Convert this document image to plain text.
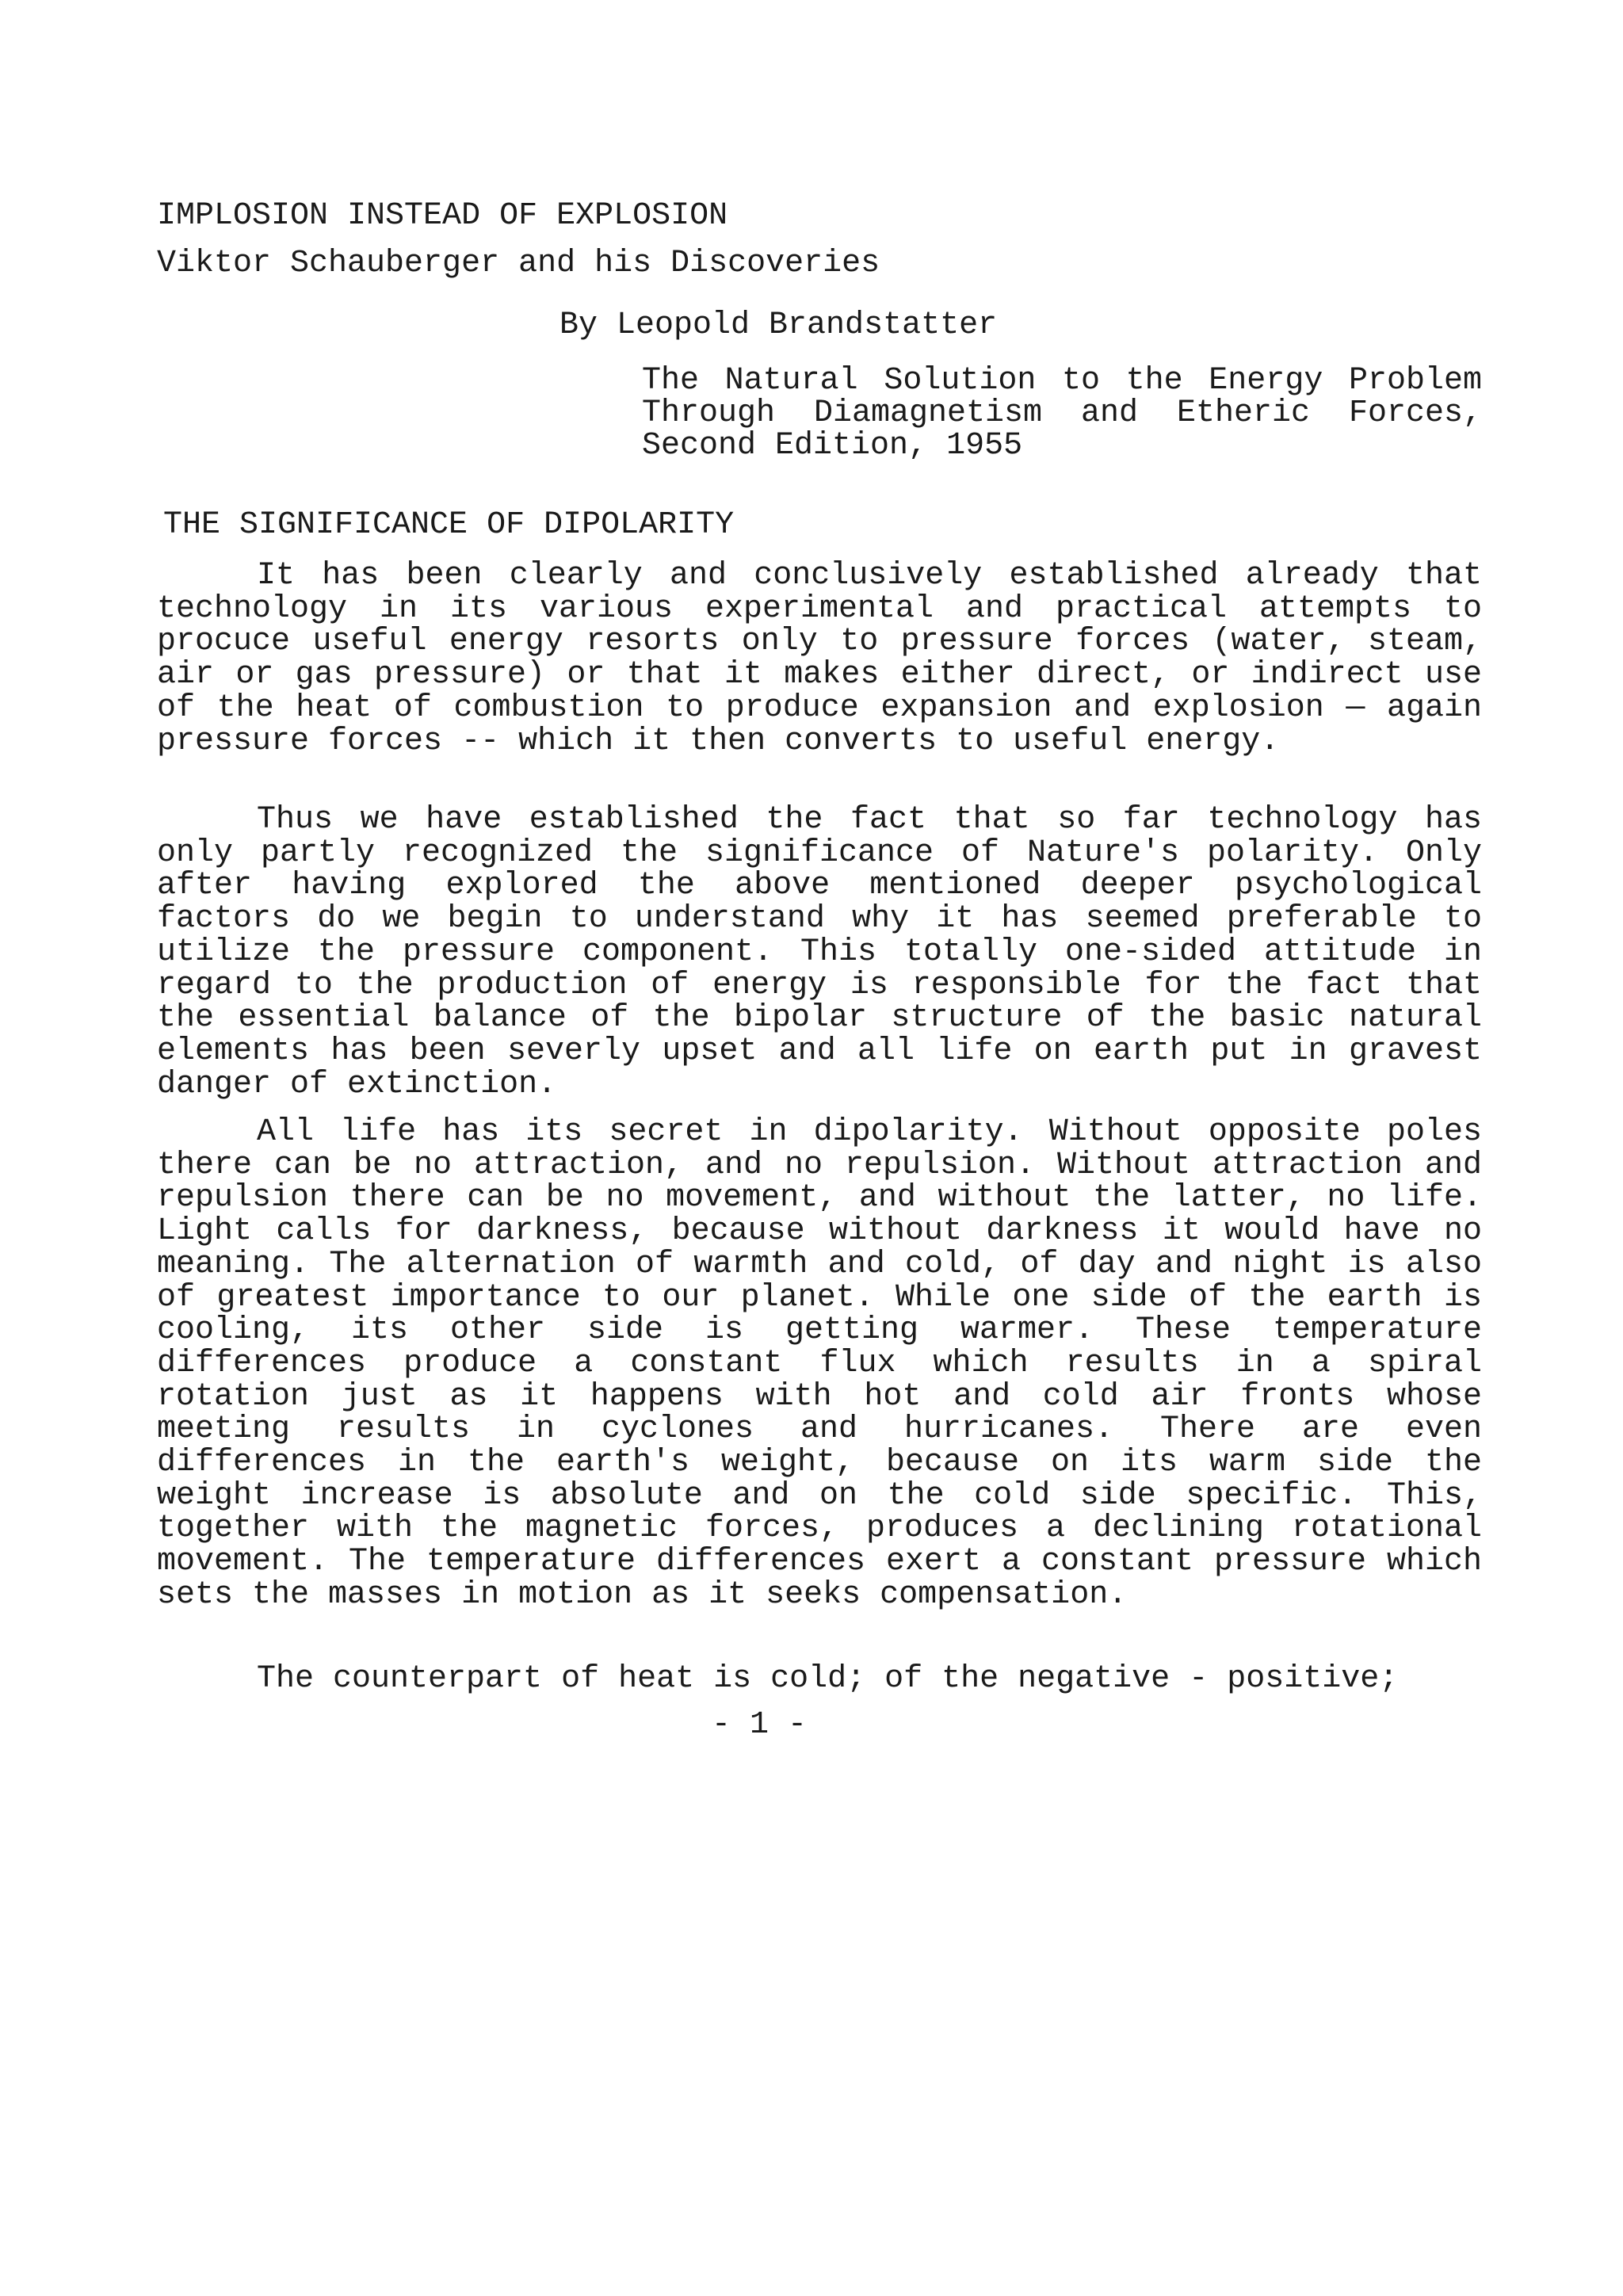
IMPLOSION INSTEAD OF EXPLOSION

Viktor Schauberger and his Discoveries

By Leopold Brandstatter

The Natural Solution to the Energy Problem Through Diamagnetism and Etheric Forces, Second Edition, 1955

THE SIGNIFICANCE OF DIPOLARITY

It has been clearly and conclusively established already that technology in its various experimental and practical attempts to procuce useful energy resorts only to pressure forces (water, steam, air or gas pressure) or that it makes either direct, or indirect use of the heat of combustion to produce expansion and explosion — again pressure forces -- which it then converts to useful energy.

Thus we have established the fact that so far technology has only partly recognized the significance of Nature's polarity. Only after having explored the above mentioned deeper psychological factors do we begin to understand why it has seemed preferable to utilize the pressure component. This totally one-sided attitude in regard to the production of energy is responsible for the fact that the essential balance of the bipolar structure of the basic natural elements has been severly upset and all life on earth put in gravest danger of extinction.

All life has its secret in dipolarity. Without opposite poles there can be no attraction, and no repulsion. Without attraction and repulsion there can be no movement, and without the latter, no life. Light calls for darkness, because without darkness it would have no meaning. The alternation of warmth and cold, of day and night is also of greatest importance to our planet. While one side of the earth is cooling, its other side is getting warmer. These temperature differences produce a constant flux which results in a spiral rotation just as it happens with hot and cold air fronts whose meeting results in cyclones and hurricanes. There are even differences in the earth's weight, because on its warm side the weight increase is absolute and on the cold side specific. This, together with the magnetic forces, produces a declining rotational movement. The temperature differences exert a constant pressure which sets the masses in motion as it seeks compensation.

The counterpart of heat is cold; of the negative - positive;

- 1 -
